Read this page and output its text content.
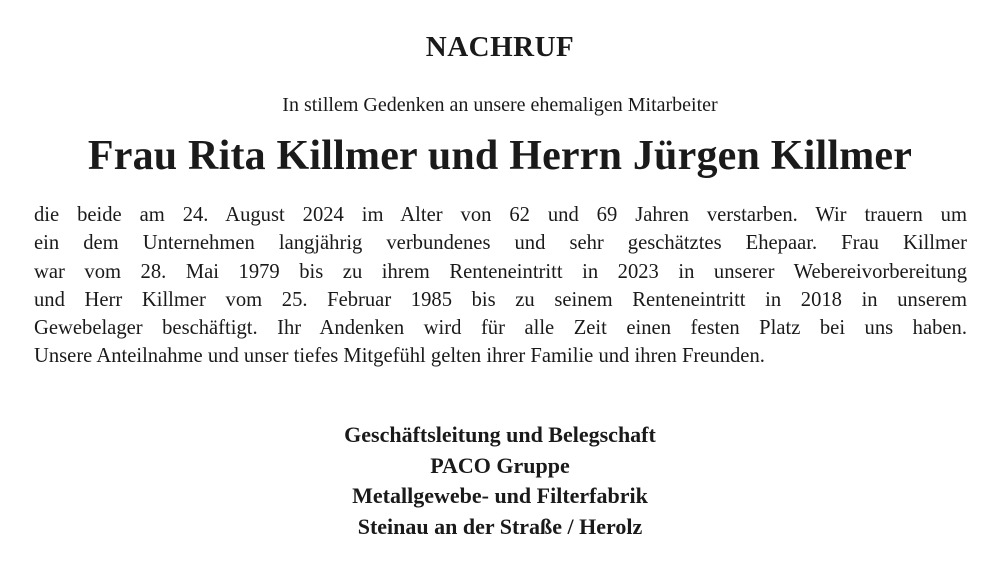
NACHRUF
In stillem Gedenken an unsere ehemaligen Mitarbeiter
Frau Rita Killmer und Herrn Jürgen Killmer
die beide am 24. August 2024 im Alter von 62 und 69 Jahren verstarben. Wir trauern um
ein dem Unternehmen langjährig verbundenes und sehr geschätztes Ehepaar. Frau Killmer
war vom 28. Mai 1979 bis zu ihrem Renteneintritt in 2023 in unserer Webereivorbereitung
und Herr Killmer vom 25. Februar 1985 bis zu seinem Renteneintritt in 2018 in unserem
Gewebelager beschäftigt. Ihr Andenken wird für alle Zeit einen festen Platz bei uns haben.
Unsere Anteilnahme und unser tiefes Mitgefühl gelten ihrer Familie und ihren Freunden.
Geschäftsleitung und Belegschaft
PACO Gruppe
Metallgewebe- und Filterfabrik
Steinau an der Straße / Herolz
